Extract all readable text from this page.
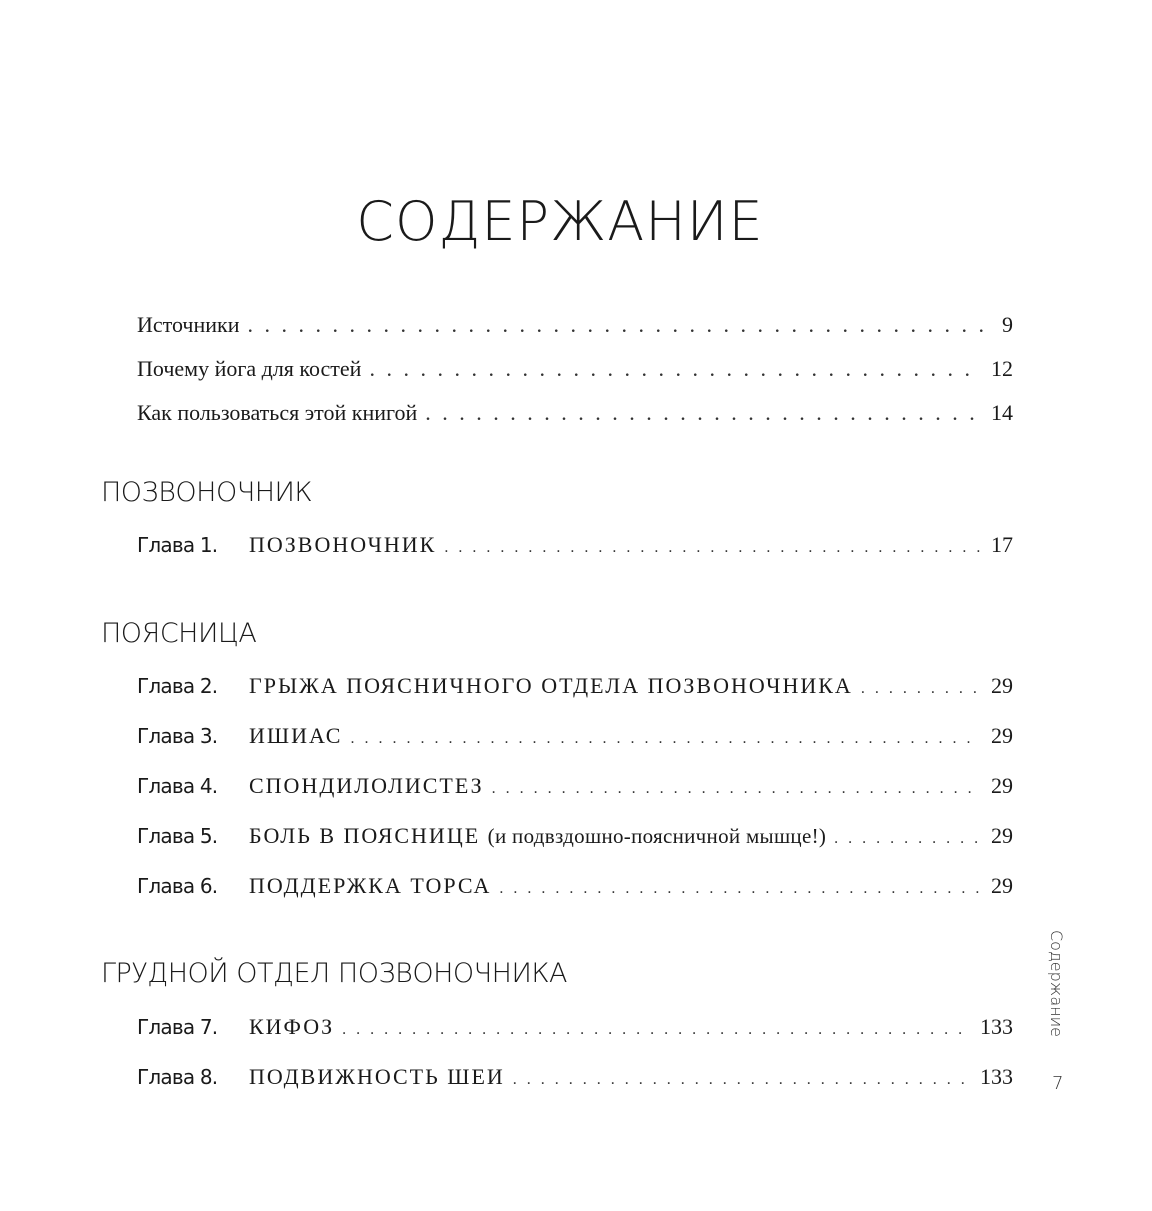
СОДЕРЖАНИЕ
Источники . . .	9
Почему йога для костей . . .	12
Как пользоваться этой книгой . . .	14
ПОЗВОНОЧНИК
Глава 1.	ПОЗВОНОЧНИК . . .	17
ПОЯСНИЦА
Глава 2.	ГРЫЖА ПОЯСНИЧНОГО ОТДЕЛА ПОЗВОНОЧНИКА . . .	29
Глава 3.	ИШИАС . . .	29
Глава 4.	СПОНДИЛОЛИСТЕЗ . . .	29
Глава 5.	БОЛЬ В ПОЯСНИЦЕ (и подвздошно-поясничной мышце!) . . .	29
Глава 6.	ПОДДЕРЖКА ТОРСА . . .	29
ГРУДНОЙ ОТДЕЛ ПОЗВОНОЧНИКА
Глава 7.	КИФОЗ . . .	133
Глава 8.	ПОДВИЖНОСТЬ ШЕИ . . .	133
Содержание
7
